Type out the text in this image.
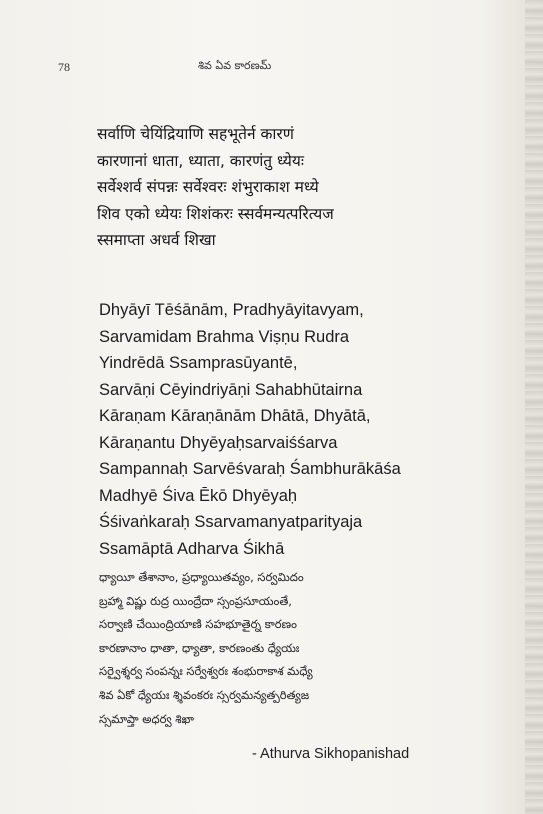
78	శివ ఏవ కారణమ్
सर्वाणि चेयिंद्रियाणि सहभूतेर्न कारणं
कारणानां धाता, ध्याता, कारणंतु ध्येयः
सर्वेश्शर्व संपन्नः सर्वेश्वरः शंभुराकाश मध्ये
शिव एको ध्येयः शिशंकरः स्सर्वमन्यत्परित्यज
स्समाप्ता अधर्व शिखा
Dhyāyī Tēśānām, Pradhyāyitavyam,
Sarvamidam Brahma Viṣṇu Rudra
Yindrēdā Ssamprasūyantē,
Sarvāṇi Cēyindriyāṇi Sahabhūtairna
Kāraṇam Kāraṇānām Dhātā, Dhyātā,
Kāraṇantu Dhyēyaḥsarvaiśśarva
Sampannaḥ Sarvēśvaraḥ Śambhurākāśa
Madhyē Śiva Ēkō Dhyēyaḥ
Śśivaṅkaraḥ Ssarvamanyatparityaja
Ssamāptā Adharva Śikhā
ధ్యాయీ తేశానాం, ప్రధ్యాయితవ్యం, సర్వమిదం
బ్రహ్మా విష్ణు రుద్ర యింద్రేదా స్సంప్రసూయంతే,
సర్వాణి చేయింద్రియాణి సహభూతైర్న కారణం
కారణానాం ధాతా, ధ్యాతా, కారణంతు ధ్యేయః
సర్వైశ్శర్వ సంపన్నః సర్వేశ్వరః శంభురాకాశ మధ్యే
శివ ఏకో ధ్యేయః శ్శివంకరః స్సర్వమన్యత్పరిత్యజ
స్సమాప్తా అధర్వ శిఖా
- Athurva Sikhopanishad
